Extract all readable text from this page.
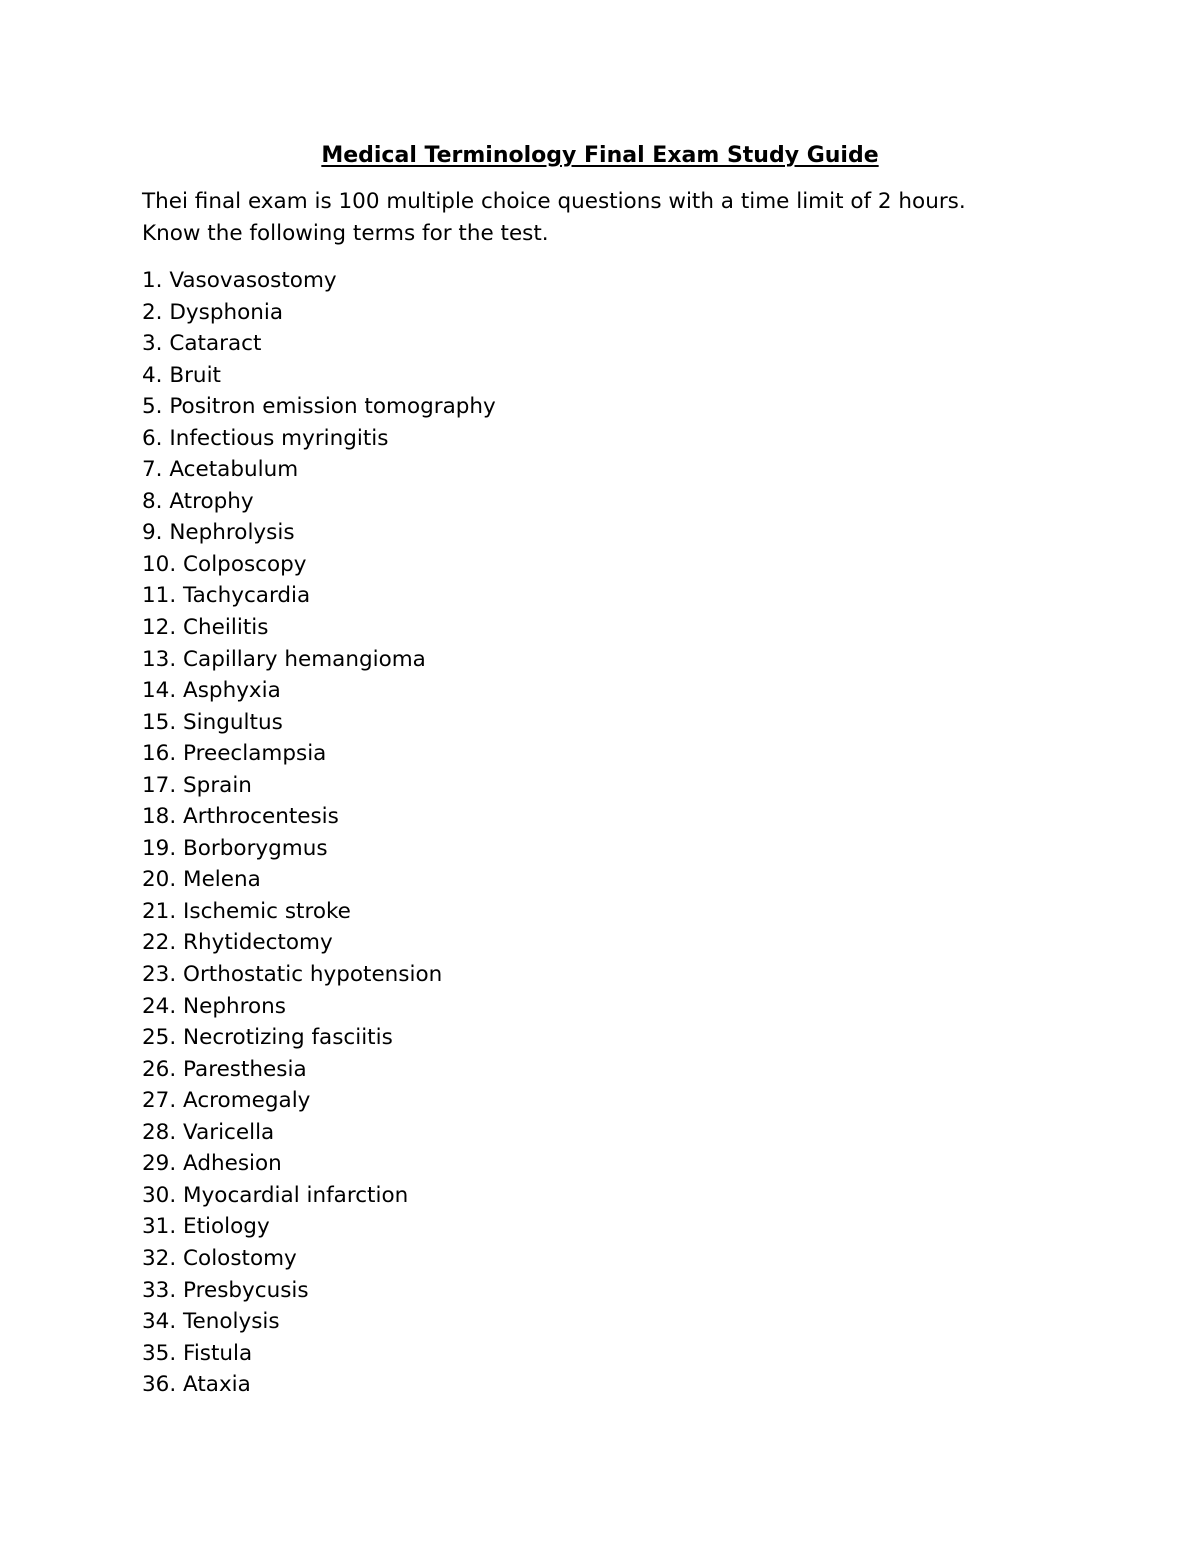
Medical Terminology Final Exam Study Guide

Thei final exam is 100 multiple choice questions with a time limit of 2 hours.
Know the following terms for the test.

1. Vasovasostomy
2. Dysphonia
3. Cataract
4. Bruit
5. Positron emission tomography
6. Infectious myringitis
7. Acetabulum
8. Atrophy
9. Nephrolysis
10. Colposcopy
11. Tachycardia
12. Cheilitis
13. Capillary hemangioma
14. Asphyxia
15. Singultus
16. Preeclampsia
17. Sprain
18. Arthrocentesis
19. Borborygmus
20. Melena
21. Ischemic stroke
22. Rhytidectomy
23. Orthostatic hypotension
24. Nephrons
25. Necrotizing fasciitis
26. Paresthesia
27. Acromegaly
28. Varicella
29. Adhesion
30. Myocardial infarction
31. Etiology
32. Colostomy
33. Presbycusis
34. Tenolysis
35. Fistula
36. Ataxia
